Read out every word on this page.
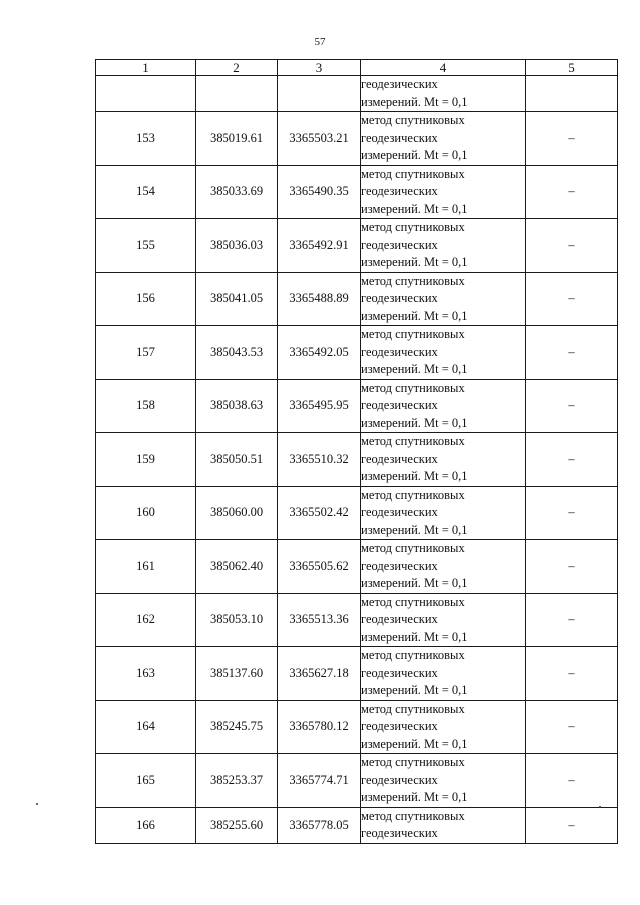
57
1	2	3	4	5

			геодезических
измерений. Mt = 0,1	

153	385019.61	3365503.21	метод спутниковых
геодезических
измерений. Mt = 0,1	–
154	385033.69	3365490.35	метод спутниковых
геодезических
измерений. Mt = 0,1	–
155	385036.03	3365492.91	метод спутниковых
геодезических
измерений. Mt = 0,1	–
156	385041.05	3365488.89	метод спутниковых
геодезических
измерений. Mt = 0,1	–
157	385043.53	3365492.05	метод спутниковых
геодезических
измерений. Mt = 0,1	–
158	385038.63	3365495.95	метод спутниковых
геодезических
измерений. Mt = 0,1	–
159	385050.51	3365510.32	метод спутниковых
геодезических
измерений. Mt = 0,1	–
160	385060.00	3365502.42	метод спутниковых
геодезических
измерений. Mt = 0,1	–
161	385062.40	3365505.62	метод спутниковых
геодезических
измерений. Mt = 0,1	–
162	385053.10	3365513.36	метод спутниковых
геодезических
измерений. Mt = 0,1	–
163	385137.60	3365627.18	метод спутниковых
геодезических
измерений. Mt = 0,1	–
164	385245.75	3365780.12	метод спутниковых
геодезических
измерений. Mt = 0,1	–
165	385253.37	3365774.71	метод спутниковых
геодезических
измерений. Mt = 0,1	–
166	385255.60	3365778.05	метод спутниковых
геодезических	–
